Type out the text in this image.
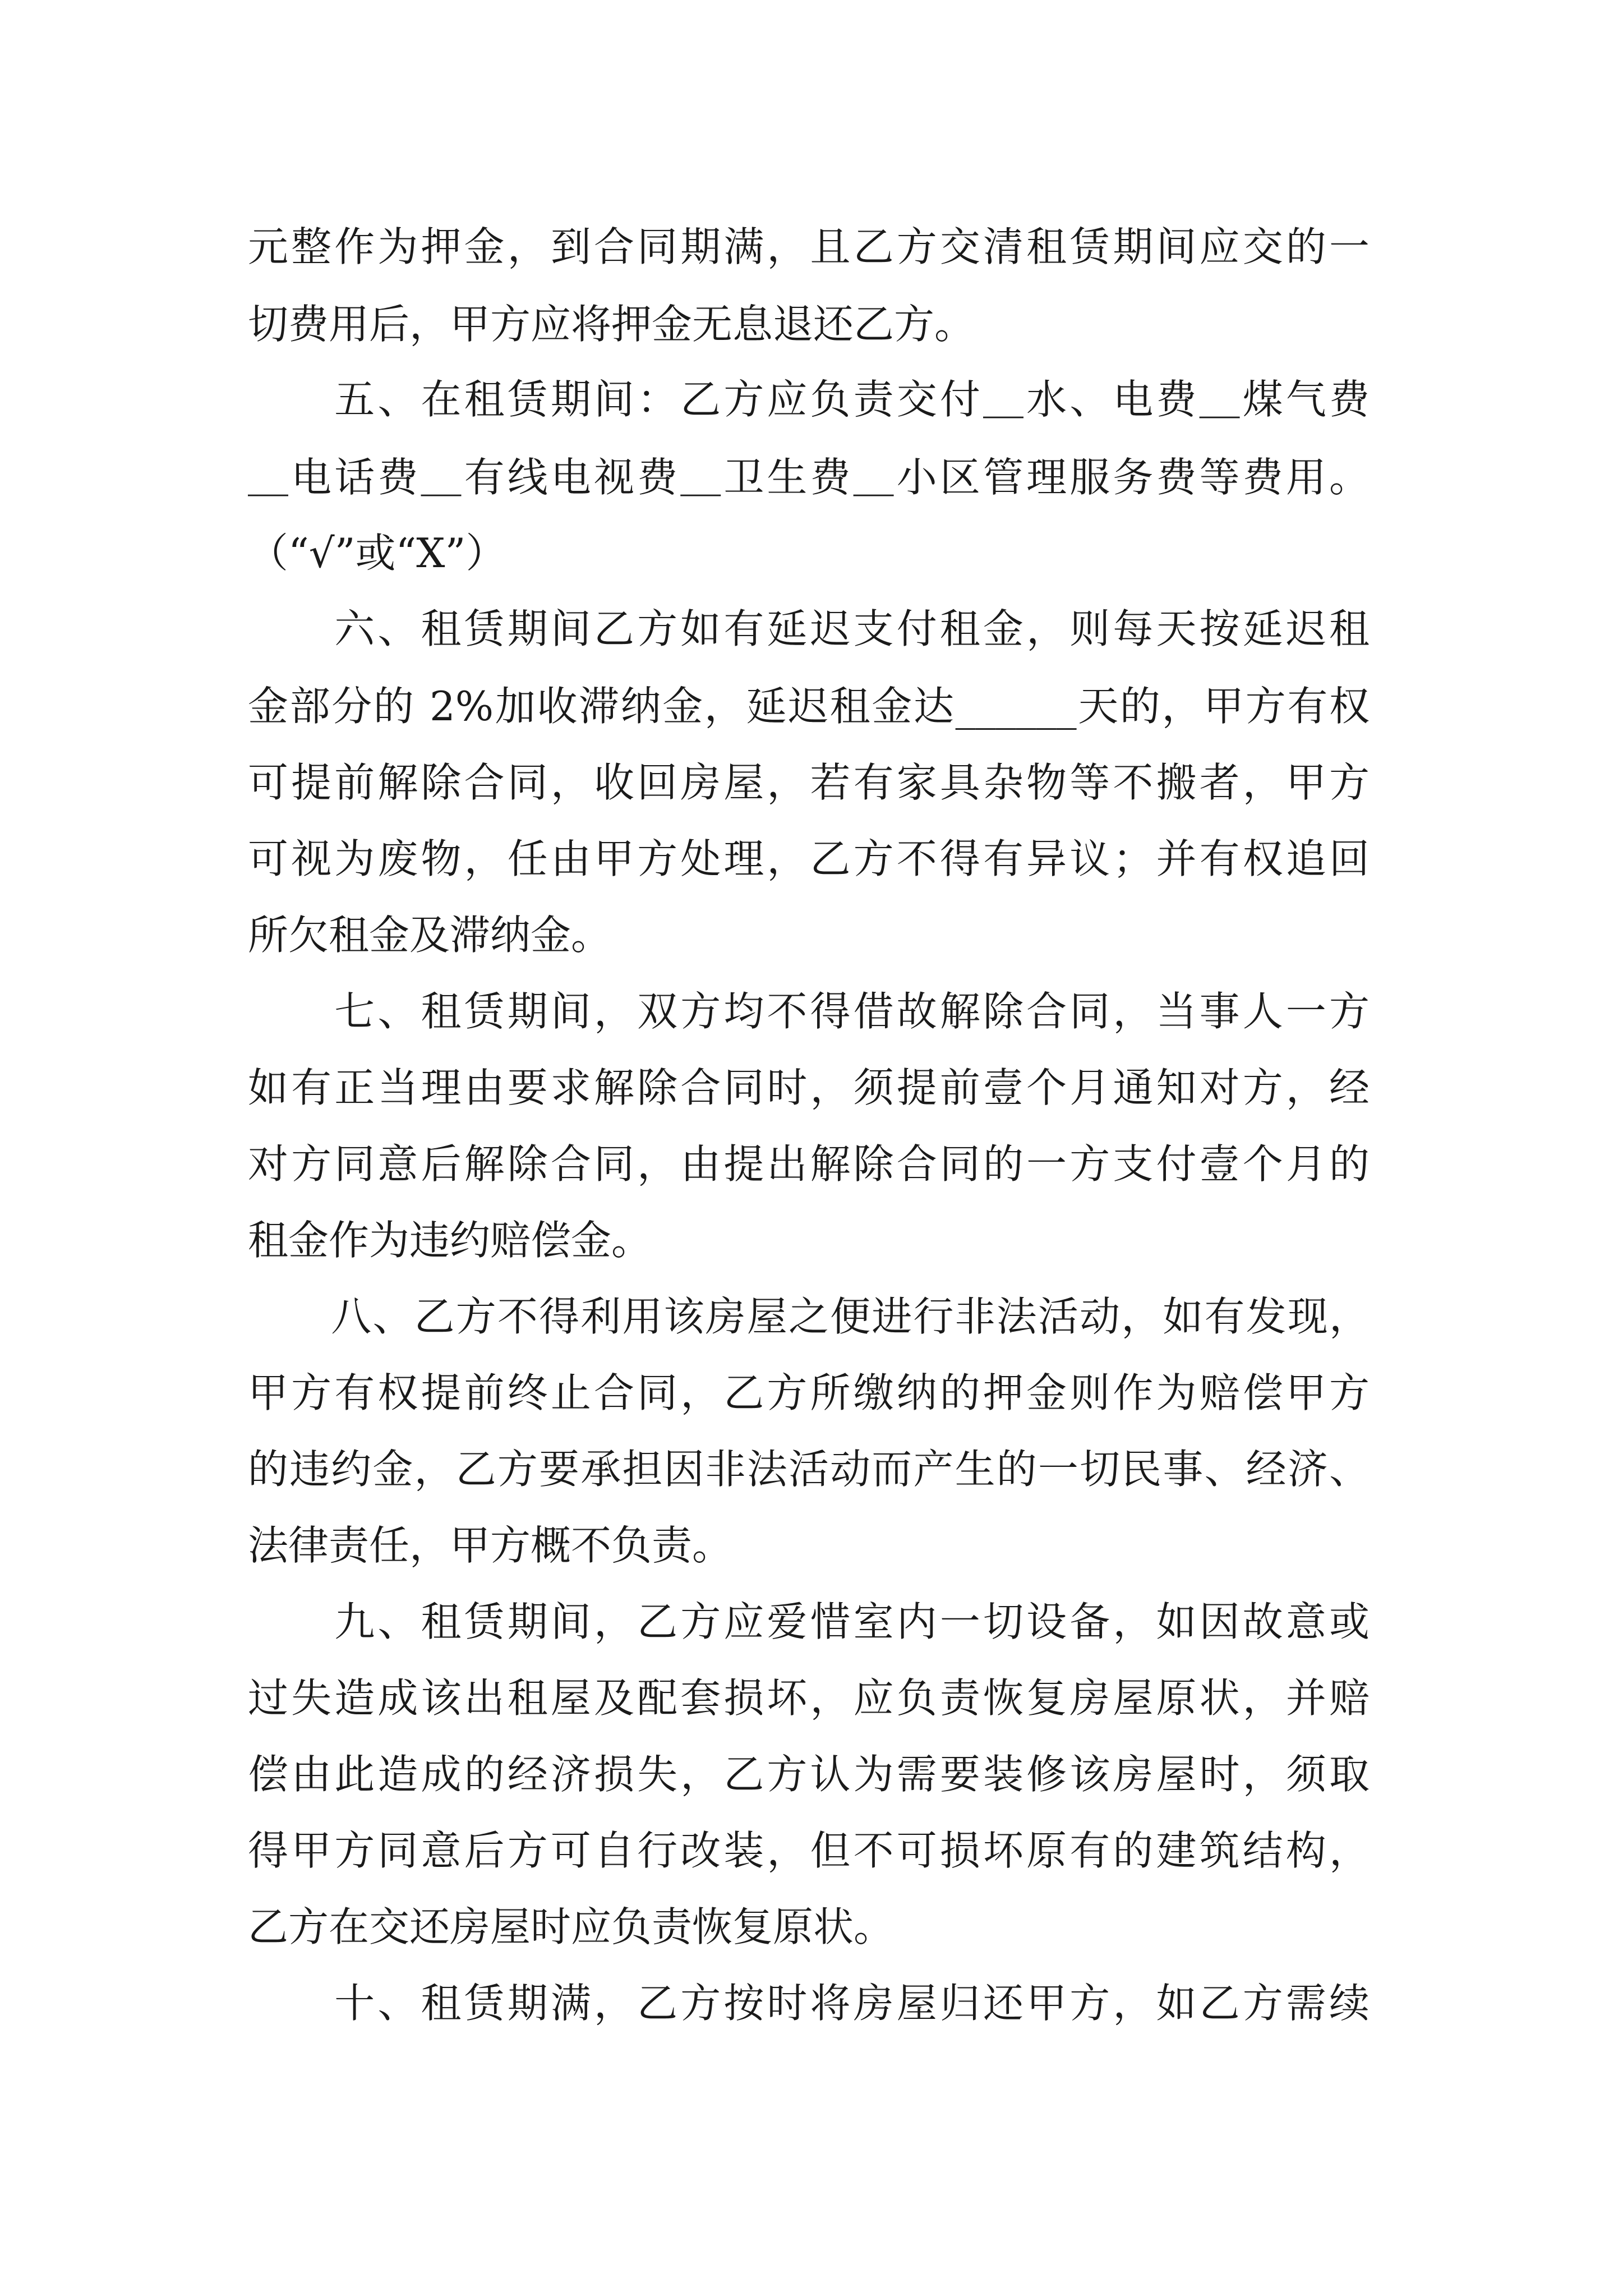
元整作为押金，到合同期满，且乙方交清租赁期间应交的一
切费用后，甲方应将押金无息退还乙方。
　　五、在租赁期间：乙方应负责交付＿水、电费＿煤气费
＿电话费＿有线电视费＿卫生费＿小区管理服务费等费用。
（“√”或“X”）
　　六、租赁期间乙方如有延迟支付租金，则每天按延迟租
金部分的 2%加收滞纳金，延迟租金达______天的，甲方有权
可提前解除合同，收回房屋，若有家具杂物等不搬者，甲方
可视为废物，任由甲方处理，乙方不得有异议；并有权追回
所欠租金及滞纳金。
　　七、租赁期间，双方均不得借故解除合同，当事人一方
如有正当理由要求解除合同时，须提前壹个月通知对方，经
对方同意后解除合同，由提出解除合同的一方支付壹个月的
租金作为违约赔偿金。
　　八、乙方不得利用该房屋之便进行非法活动，如有发现，
甲方有权提前终止合同，乙方所缴纳的押金则作为赔偿甲方
的违约金，乙方要承担因非法活动而产生的一切民事、经济、
法律责任，甲方概不负责。
　　九、租赁期间，乙方应爱惜室内一切设备，如因故意或
过失造成该出租屋及配套损坏，应负责恢复房屋原状，并赔
偿由此造成的经济损失，乙方认为需要装修该房屋时，须取
得甲方同意后方可自行改装，但不可损坏原有的建筑结构，
乙方在交还房屋时应负责恢复原状。
　　十、租赁期满，乙方按时将房屋归还甲方，如乙方需续
